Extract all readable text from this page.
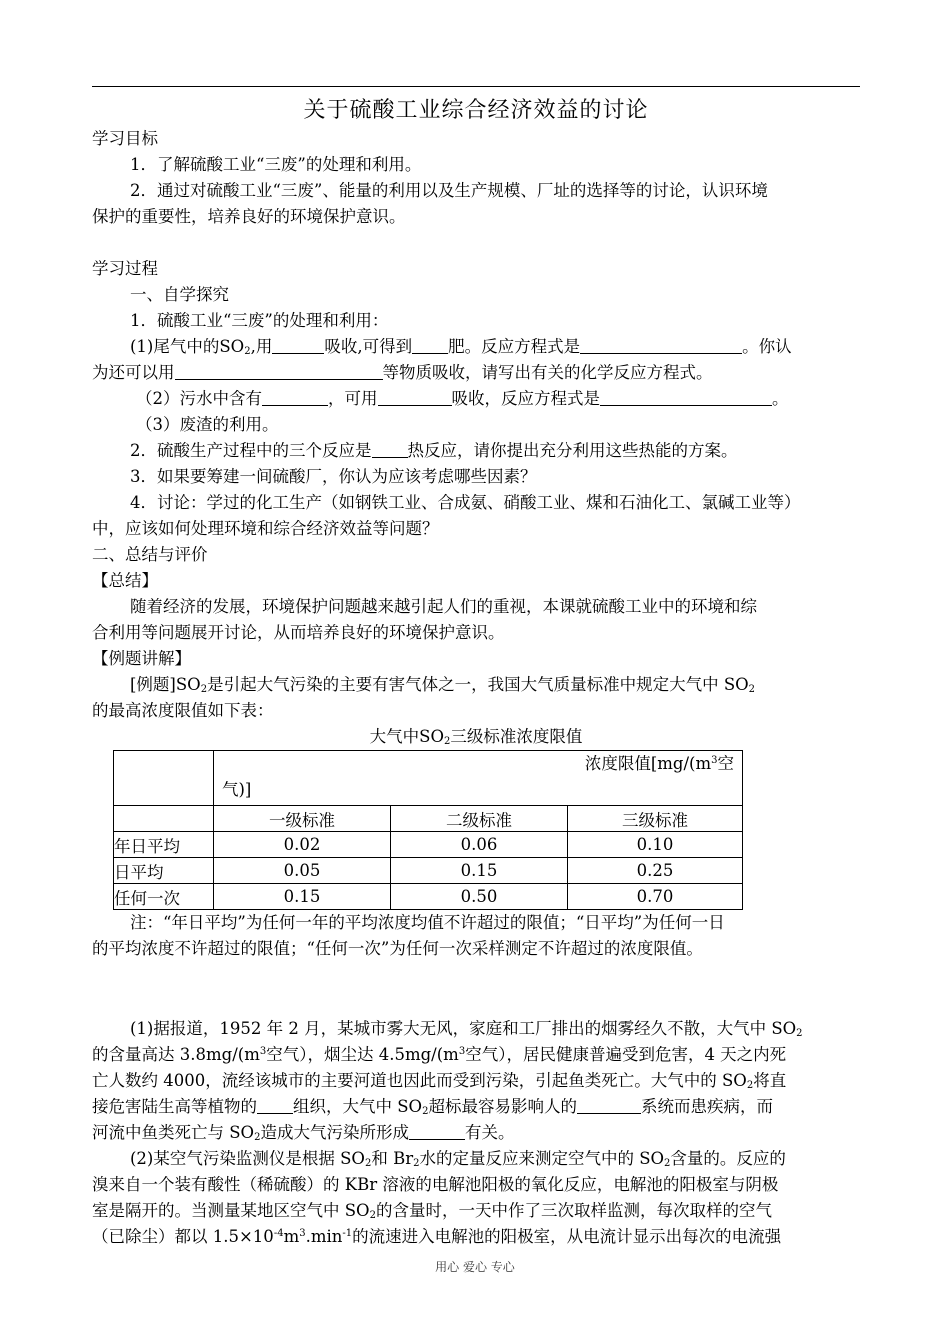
关于硫酸工业综合经济效益的讨论
学习目标
1．了解硫酸工业“三废”的处理和利用。
2．通过对硫酸工业“三废”、能量的利用以及生产规模、厂址的选择等的讨论，认识环境
保护的重要性，培养良好的环境保护意识。
学习过程
一、自学探究
1．硫酸工业“三废”的处理和利用：
(1)尾气中的$SO_2$,用	吸收,可得到 肥。反应方程式是	。你认
为还可以用	等物质吸收，请写出有关的化学反应方程式。
（2）污水中含有	，可用	吸收，反应方程式是	。
（3）废渣的利用。
2．硫酸生产过程中的三个反应是 热反应，请你提出充分利用这些热能的方案。
3．如果要筹建一间硫酸厂，你认为应该考虑哪些因素？
4．讨论：学过的化工生产（如钢铁工业、合成氨、硝酸工业、煤和石油化工、氯碱工业等）
中，应该如何处理环境和综合经济效益等问题？
二、总结与评价
【总结】
随着经济的发展，环境保护问题越来越引起人们的重视，本课就硫酸工业中的环境和综
合利用等问题展开讨论，从而培养良好的环境保护意识。
【例题讲解】
[例题]$SO_2$是引起大气污染的主要有害气体之一，我国大气质量标准中规定大气中 $SO_2$
的最高浓度限值如下表：
大气中$SO_2$三级标准浓度限值

	浓度限值[$mg/(m^3$空
气)]		

	一级标准	二级标准	三级标准
年日平均	0.02	0.06	0.10
日平均	0.05	0.15	0.25
任何一次	0.15	0.50	0.70
注：“年日平均”为任何一年的平均浓度均值不许超过的限值；“日平均”为任何一日
的平均浓度不许超过的限值；“任何一次”为任何一次采样测定不许超过的浓度限值。
(1)据报道，1952 年 2 月，某城市雾大无风，家庭和工厂排出的烟雾经久不散，大气中 $SO_2$
的含量高达 $3.8mg/(m^3$空气），烟尘达 $4.5mg/(m^3$空气），居民健康普遍受到危害，4 天之内死
亡人数约 4000，流经该城市的主要河道也因此而受到污染，引起鱼类死亡。大气中的 $SO_2$将直
接危害陆生高等植物的 组织，大气中 $SO_2$超标最容易影响人的	系统而患疾病，而
河流中鱼类死亡与 $SO_2$造成大气污染所形成	有关。
(2)某空气污染监测仪是根据 $SO_2$和 $Br_2$水的定量反应来测定空气中的 $SO_2$含量的。反应的
溴来自一个装有酸性（稀硫酸）的 KBr 溶液的电解池阳极的氧化反应，电解池的阳极室与阴极
室是隔开的。当测量某地区空气中 $SO_2$的含量时，一天中作了三次取样监测，每次取样的空气
（已除尘）都以 $1.5\times 10^{-4}m^3.\min^{-1}$的流速进入电解池的阳极室，从电流计显示出每次的电流强
用心 爱心 专心
